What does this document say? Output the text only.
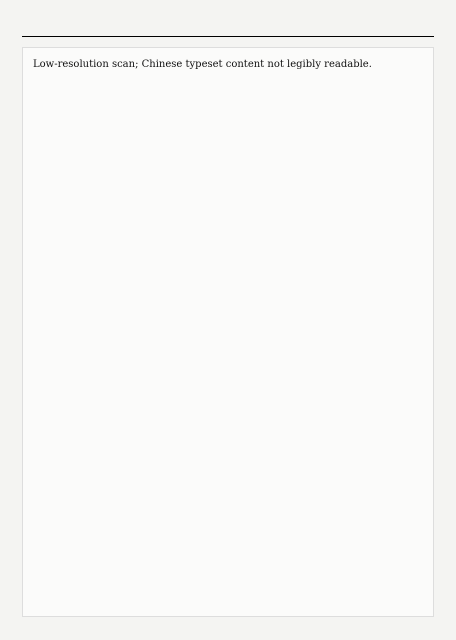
Low-resolution scan; Chinese typeset content not legibly readable.
